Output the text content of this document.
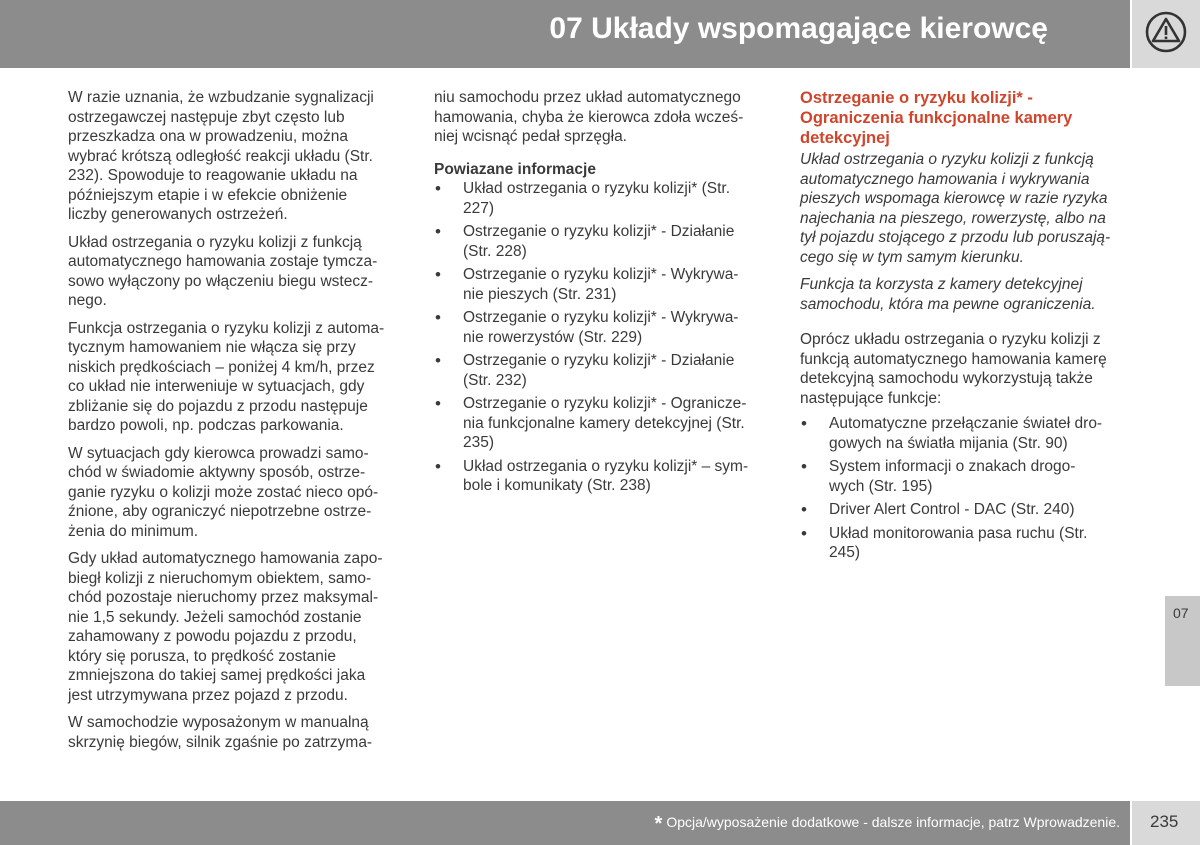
07 Układy wspomagające kierowcę
W razie uznania, że wzbudzanie sygnalizacji
ostrzegawczej następuje zbyt często lub
przeszkadza ona w prowadzeniu, można
wybrać krótszą odległość reakcji układu (Str.
232). Spowoduje to reagowanie układu na
późniejszym etapie i w efekcie obniżenie
liczby generowanych ostrzeżeń.
Układ ostrzegania o ryzyku kolizji z funkcją
automatycznego hamowania zostaje tymcza-
sowo wyłączony po włączeniu biegu wstecz-
nego.
Funkcja ostrzegania o ryzyku kolizji z automa-
tycznym hamowaniem nie włącza się przy
niskich prędkościach – poniżej 4 km/h, przez
co układ nie interweniuje w sytuacjach, gdy
zbliżanie się do pojazdu z przodu następuje
bardzo powoli, np. podczas parkowania.
W sytuacjach gdy kierowca prowadzi samo-
chód w świadomie aktywny sposób, ostrze-
ganie ryzyku o kolizji może zostać nieco opó-
źnione, aby ograniczyć niepotrzebne ostrze-
żenia do minimum.
Gdy układ automatycznego hamowania zapo-
biegł kolizji z nieruchomym obiektem, samo-
chód pozostaje nieruchomy przez maksymal-
nie 1,5 sekundy. Jeżeli samochód zostanie
zahamowany z powodu pojazdu z przodu,
który się porusza, to prędkość zostanie
zmniejszona do takiej samej prędkości jaka
jest utrzymywana przez pojazd z przodu.
W samochodzie wyposażonym w manualną
skrzynię biegów, silnik zgaśnie po zatrzyma-
niu samochodu przez układ automatycznego
hamowania, chyba że kierowca zdoła wcześ-
niej wcisnąć pedał sprzęgła.
Powiazane informacje
• Układ ostrzegania o ryzyku kolizji* (Str.
227)
• Ostrzeganie o ryzyku kolizji* - Działanie
(Str. 228)
• Ostrzeganie o ryzyku kolizji* - Wykrywa-
nie pieszych (Str. 231)
• Ostrzeganie o ryzyku kolizji* - Wykrywa-
nie rowerzystów (Str. 229)
• Ostrzeganie o ryzyku kolizji* - Działanie
(Str. 232)
• Ostrzeganie o ryzyku kolizji* - Ogranicze-
nia funkcjonalne kamery detekcyjnej (Str.
235)
• Układ ostrzegania o ryzyku kolizji* – sym-
bole i komunikaty (Str. 238)
Ostrzeganie o ryzyku kolizji* -
Ograniczenia funkcjonalne kamery
detekcyjnej
Układ ostrzegania o ryzyku kolizji z funkcją
automatycznego hamowania i wykrywania
pieszych wspomaga kierowcę w razie ryzyka
najechania na pieszego, rowerzystę, albo na
tył pojazdu stojącego z przodu lub poruszają-
cego się w tym samym kierunku.
Funkcja ta korzysta z kamery detekcyjnej
samochodu, która ma pewne ograniczenia.
Oprócz układu ostrzegania o ryzyku kolizji z
funkcją automatycznego hamowania kamerę
detekcyjną samochodu wykorzystują także
następujące funkcje:
• Automatyczne przełączanie świateł dro-
gowych na światła mijania (Str. 90)
• System informacji o znakach drogo-
wych (Str. 195)
• Driver Alert Control - DAC (Str. 240)
• Układ monitorowania pasa ruchu (Str.
245)
07
* Opcja/wyposażenie dodatkowe - dalsze informacje, patrz Wprowadzenie. 235
